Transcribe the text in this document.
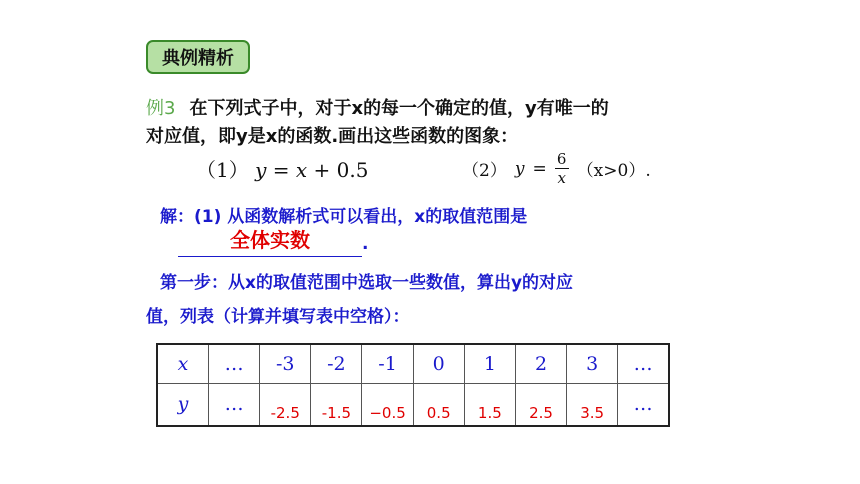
典例精析
例3 在下列式子中，对于x的每一个确定的值，y有唯一的
对应值，即y是x的函数.画出这些函数的图象：
（1） y = x + 0.5	（2） $y = \frac{6}{x} (x>0)$.
解：(1) 从函数解析式可以看出，x的取值范围是
全体实数	.
第一步：从x的取值范围中选取一些数值，算出y的对应
值，列表（计算并填写表中空格）：
x	…	-3	-2	-1	0	1	2	3	…
y	…	-2.5	-1.5	−0.5	0.5	1.5	2.5	3.5	…
